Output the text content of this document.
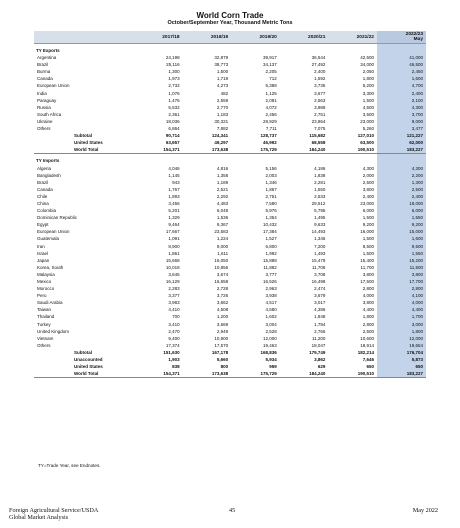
World Corn Trade
October/September Year, Thousand Metric Tons
	2017/18	2018/19	2019/20	2020/21	2021/22	2022/23
May

TY Exports						
Argentina	24,198	32,879	39,917	36,544	42,500	41,000
Brazil	25,116	38,773	34,137	27,492	34,000	46,500
Burma	1,300	1,500	2,205	2,400	2,050	2,450
Canada	1,973	1,719	712	1,592	1,800	1,600
European Union	2,732	4,273	5,388	3,735	5,200	4,700
India	1,076	482	1,125	3,677	3,300	2,400
Paraguay	1,476	2,559	2,081	2,563	1,500	2,100
Russia	5,532	2,770	4,072	3,989	4,500	4,300
South Africa	2,361	1,183	2,456	2,751	3,500	3,700
Ukraine	18,036	30,321	28,929	23,864	23,000	9,000
Others	6,864	7,882	7,711	7,075	5,260	3,477
Subtotal	90,714	124,341	128,737	115,682	127,010	121,227
United States	63,657	49,297	46,992	68,558	63,500	62,000
World Total	154,371	173,638	175,729	184,240	190,510	183,227

TY Imports						
Algeria	4,046	4,816	5,156	4,186	4,300	4,300
Bangladesh	1,145	1,358	2,003	1,838	2,000	2,200
Brazil	943	1,189	1,346	2,281	2,500	1,300
Canada	1,767	2,521	1,867	1,550	3,800	2,500
Chile	1,893	2,292	2,751	2,533	2,400	2,400
China	3,456	4,483	7,580	29,512	23,000	18,000
Colombia	5,201	6,048	5,976	5,795	6,000	6,000
Dominican Republic	1,329	1,536	1,354	1,495	1,500	1,550
Egypt	9,464	9,367	10,432	9,633	9,200	9,200
European Union	17,667	23,583	17,384	14,493	16,000	15,000
Guatemala	1,091	1,224	1,527	1,346	1,500	1,600
Iran	8,900	9,000	6,800	7,200	8,500	9,500
Israel	1,861	1,611	1,992	1,493	1,500	1,550
Japan	15,668	16,050	15,888	15,479	15,400	15,200
Korea, South	10,018	10,856	11,882	11,708	11,700	11,500
Malaysia	3,645	3,674	3,777	3,708	3,800	3,800
Mexico	16,129	16,658	16,526	16,498	17,500	17,700
Morocco	2,283	2,728	2,963	2,474	2,800	2,800
Peru	3,377	3,726	3,938	3,679	4,000	4,100
Saudi Arabia	3,983	3,662	4,517	3,017	3,800	4,000
Taiwan	4,410	4,508	4,580	4,386	4,400	4,400
Thailand	700	1,200	1,602	1,848	1,800	1,700
Turkey	3,410	3,669	3,004	1,794	2,800	3,000
United Kingdom	2,470	2,949	2,528	2,766	2,500	1,800
Vietnam	9,400	10,900	12,000	11,200	10,600	12,000
Others	17,374	17,570	19,463	18,047	18,914	19,654
Subtotal	151,630	167,178	168,836	179,749	182,214	176,704
Unaccounted	1,903	5,660	5,934	3,862	7,646	5,873
United States	838	800	959	629	650	650
World Total	154,371	173,638	175,729	184,240	190,510	183,227
TY=Trade Year, see Endnotes.
Foreign Agricultural Service/USDA
Global Market Analysis
45	May 2022
